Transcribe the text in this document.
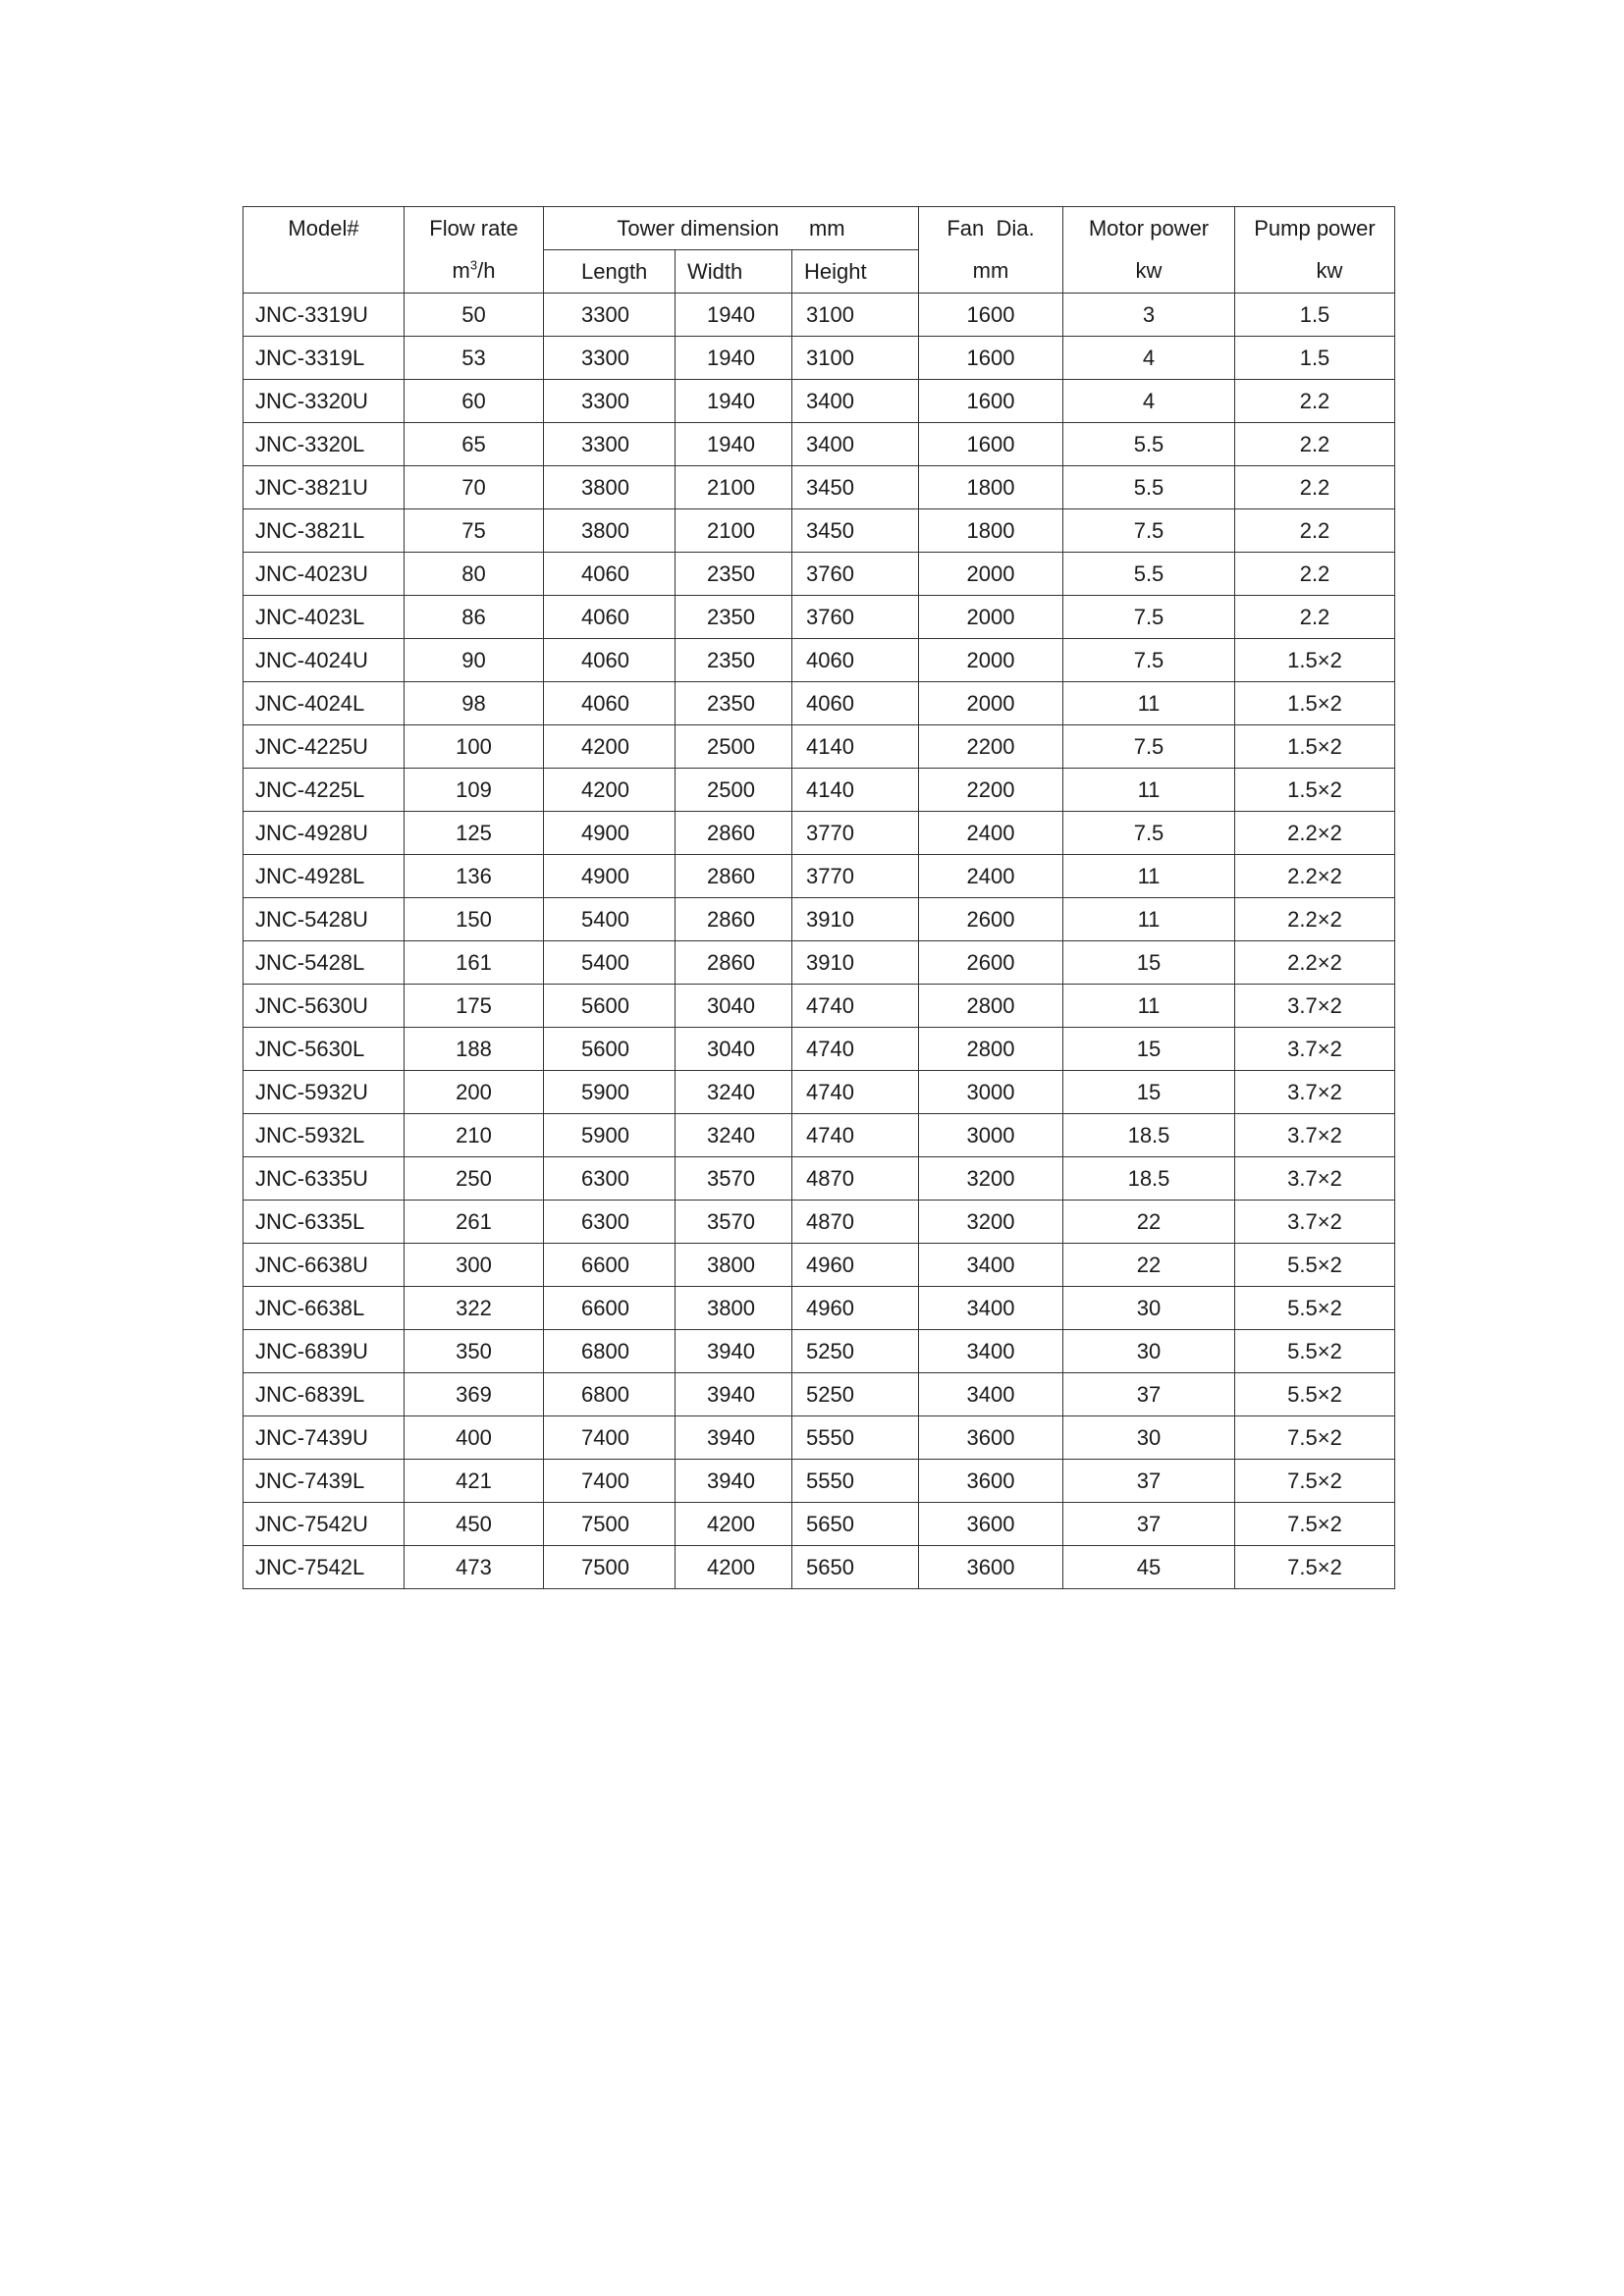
Model#	Flow rate	Tower dimension     mm			Fan  Dia.	Motor power	Pump power
	$m^3/h$	Length	Width	Height	mm	kw	kw
JNC-3319U	50	3300	1940	3100	1600	3	1.5
JNC-3319L	53	3300	1940	3100	1600	4	1.5
JNC-3320U	60	3300	1940	3400	1600	4	2.2
JNC-3320L	65	3300	1940	3400	1600	5.5	2.2
JNC-3821U	70	3800	2100	3450	1800	5.5	2.2
JNC-3821L	75	3800	2100	3450	1800	7.5	2.2
JNC-4023U	80	4060	2350	3760	2000	5.5	2.2
JNC-4023L	86	4060	2350	3760	2000	7.5	2.2
JNC-4024U	90	4060	2350	4060	2000	7.5	1.5×2
JNC-4024L	98	4060	2350	4060	2000	11	1.5×2
JNC-4225U	100	4200	2500	4140	2200	7.5	1.5×2
JNC-4225L	109	4200	2500	4140	2200	11	1.5×2
JNC-4928U	125	4900	2860	3770	2400	7.5	2.2×2
JNC-4928L	136	4900	2860	3770	2400	11	2.2×2
JNC-5428U	150	5400	2860	3910	2600	11	2.2×2
JNC-5428L	161	5400	2860	3910	2600	15	2.2×2
JNC-5630U	175	5600	3040	4740	2800	11	3.7×2
JNC-5630L	188	5600	3040	4740	2800	15	3.7×2
JNC-5932U	200	5900	3240	4740	3000	15	3.7×2
JNC-5932L	210	5900	3240	4740	3000	18.5	3.7×2
JNC-6335U	250	6300	3570	4870	3200	18.5	3.7×2
JNC-6335L	261	6300	3570	4870	3200	22	3.7×2
JNC-6638U	300	6600	3800	4960	3400	22	5.5×2
JNC-6638L	322	6600	3800	4960	3400	30	5.5×2
JNC-6839U	350	6800	3940	5250	3400	30	5.5×2
JNC-6839L	369	6800	3940	5250	3400	37	5.5×2
JNC-7439U	400	7400	3940	5550	3600	30	7.5×2
JNC-7439L	421	7400	3940	5550	3600	37	7.5×2
JNC-7542U	450	7500	4200	5650	3600	37	7.5×2
JNC-7542L	473	7500	4200	5650	3600	45	7.5×2
